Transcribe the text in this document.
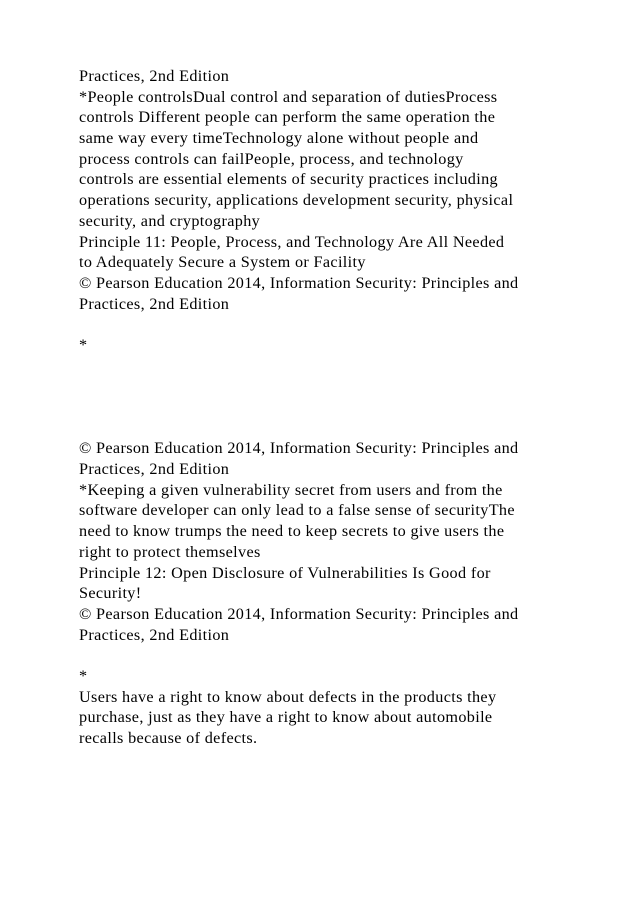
Practices, 2nd Edition
*People controlsDual control and separation of dutiesProcess
controls Different people can perform the same operation the
same way every timeTechnology alone without people and
process controls can failPeople, process, and technology
controls are essential elements of security practices including
operations security, applications development security, physical
security, and cryptography
Principle 11: People, Process, and Technology Are All Needed
to Adequately Secure a System or Facility
© Pearson Education 2014, Information Security: Principles and
Practices, 2nd Edition
*
© Pearson Education 2014, Information Security: Principles and
Practices, 2nd Edition
*Keeping a given vulnerability secret from users and from the
software developer can only lead to a false sense of securityThe
need to know trumps the need to keep secrets to give users the
right to protect themselves
Principle 12: Open Disclosure of Vulnerabilities Is Good for
Security!
© Pearson Education 2014, Information Security: Principles and
Practices, 2nd Edition
*
Users have a right to know about defects in the products they
purchase, just as they have a right to know about automobile
recalls because of defects.
